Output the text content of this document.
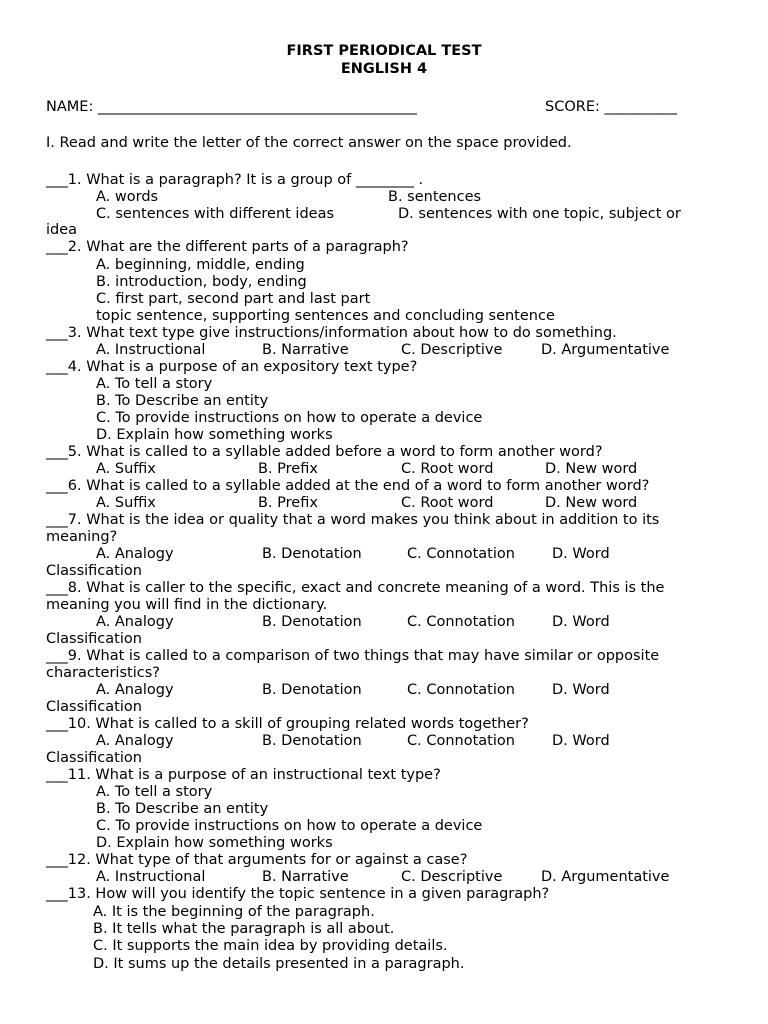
FIRST PERIODICAL TEST
ENGLISH 4
NAME: ____________________________________________	SCORE: __________
I. Read and write the letter of the correct answer on the space provided.
___1. What is a paragraph? It is a group of ________ .
A. words	B. sentences
C. sentences with different ideas	D. sentences with one topic, subject or
idea
___2. What are the different parts of a paragraph?
A. beginning, middle, ending
B. introduction, body, ending
C. first part, second part and last part
topic sentence, supporting sentences and concluding sentence
___3. What text type give instructions/information about how to do something.
A. Instructional	B. Narrative	C. Descriptive	D. Argumentative
___4. What is a purpose of an expository text type?
A. To tell a story
B. To Describe an entity
C. To provide instructions on how to operate a device
D. Explain how something works
___5. What is called to a syllable added before a word to form another word?
A. Suffix	B. Prefix	C. Root word	D. New word
___6. What is called to a syllable added at the end of a word to form another word?
A. Suffix	B. Prefix	C. Root word	D. New word
___7. What is the idea or quality that a word makes you think about in addition to its
meaning?
A. Analogy	B. Denotation	C. Connotation	D. Word
Classification
___8. What is caller to the specific, exact and concrete meaning of a word. This is the
meaning you will find in the dictionary.
A. Analogy	B. Denotation	C. Connotation	D. Word
Classification
___9. What is called to a comparison of two things that may have similar or opposite
characteristics?
A. Analogy	B. Denotation	C. Connotation	D. Word
Classification
___10. What is called to a skill of grouping related words together?
A. Analogy	B. Denotation	C. Connotation	D. Word
Classification
___11. What is a purpose of an instructional text type?
A. To tell a story
B. To Describe an entity
C. To provide instructions on how to operate a device
D. Explain how something works
___12. What type of that arguments for or against a case?
A. Instructional	B. Narrative	C. Descriptive	D. Argumentative
___13. How will you identify the topic sentence in a given paragraph?
A. It is the beginning of the paragraph.
B. It tells what the paragraph is all about.
C. It supports the main idea by providing details.
D. It sums up the details presented in a paragraph.
